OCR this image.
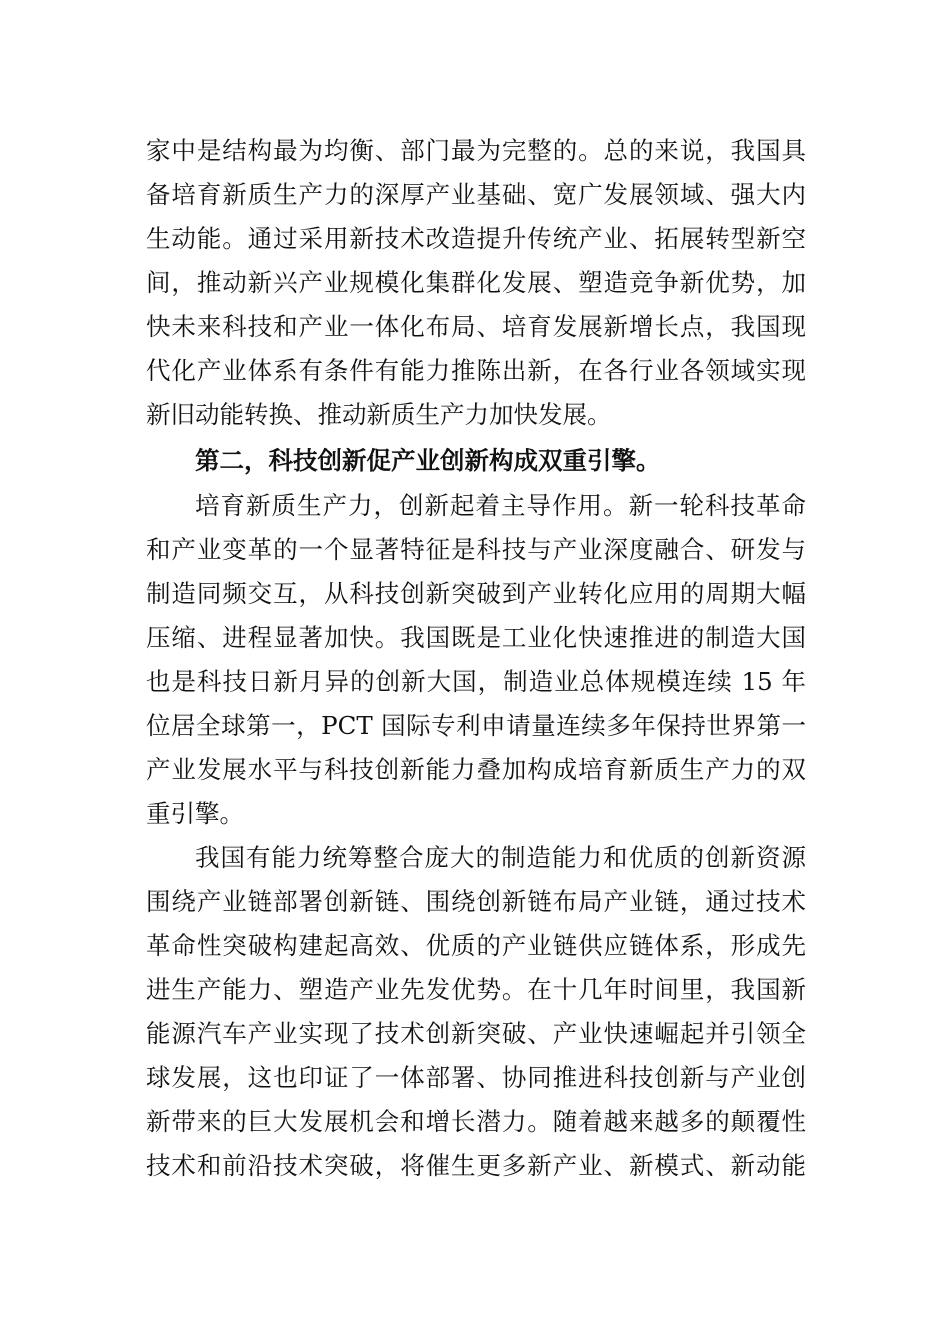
家中是结构最为均衡、部门最为完整的。总的来说，我国具
备培育新质生产力的深厚产业基础、宽广发展领域、强大内
生动能。通过采用新技术改造提升传统产业、拓展转型新空
间，推动新兴产业规模化集群化发展、塑造竞争新优势，加
快未来科技和产业一体化布局、培育发展新增长点，我国现
代化产业体系有条件有能力推陈出新，在各行业各领域实现
新旧动能转换、推动新质生产力加快发展。
第二，科技创新促产业创新构成双重引擎。
培育新质生产力，创新起着主导作用。新一轮科技革命
和产业变革的一个显著特征是科技与产业深度融合、研发与
制造同频交互，从科技创新突破到产业转化应用的周期大幅
压缩、进程显著加快。我国既是工业化快速推进的制造大国
也是科技日新月异的创新大国，制造业总体规模连续 15 年
位居全球第一，PCT 国际专利申请量连续多年保持世界第一
产业发展水平与科技创新能力叠加构成培育新质生产力的双
重引擎。
我国有能力统筹整合庞大的制造能力和优质的创新资源
围绕产业链部署创新链、围绕创新链布局产业链，通过技术
革命性突破构建起高效、优质的产业链供应链体系，形成先
进生产能力、塑造产业先发优势。在十几年时间里，我国新
能源汽车产业实现了技术创新突破、产业快速崛起并引领全
球发展，这也印证了一体部署、协同推进科技创新与产业创
新带来的巨大发展机会和增长潜力。随着越来越多的颠覆性
技术和前沿技术突破，将催生更多新产业、新模式、新动能
